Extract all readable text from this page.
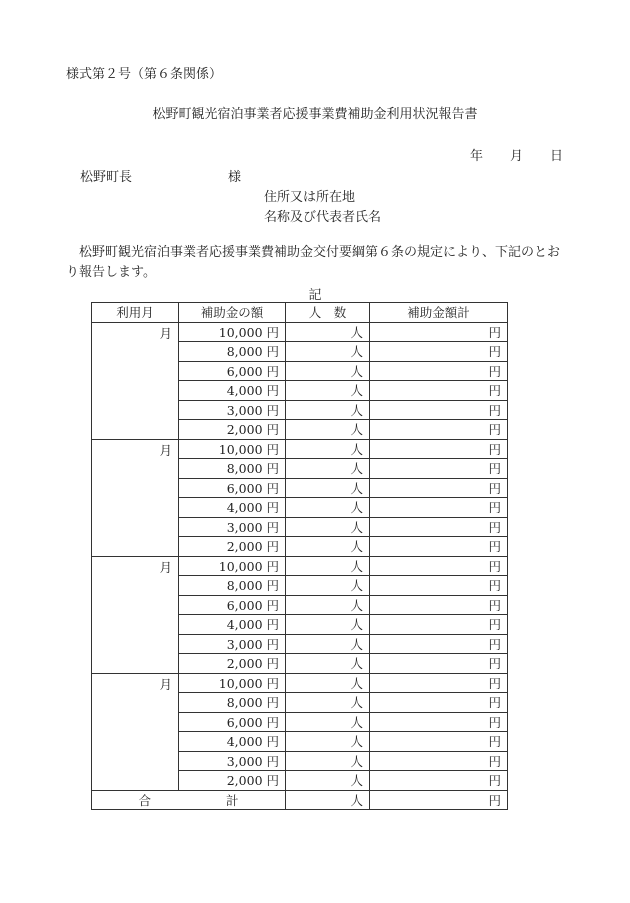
様式第２号（第６条関係）
松野町観光宿泊事業者応援事業費補助金利用状況報告書
年 月 日
松野町長	様
住所又は所在地
名称及び代表者氏名
松野町観光宿泊事業者応援事業費補助金交付要綱第６条の規定により、下記のとおり報告します。
記
利用月	補助金の額	人　数	補助金額計
月	10,000 円	人	円
	8,000 円	人	円
	6,000 円	人	円
	4,000 円	人	円
	3,000 円	人	円
	2,000 円	人	円
月	10,000 円	人	円
	8,000 円	人	円
	6,000 円	人	円
	4,000 円	人	円
	3,000 円	人	円
	2,000 円	人	円
月	10,000 円	人	円
	8,000 円	人	円
	6,000 円	人	円
	4,000 円	人	円
	3,000 円	人	円
	2,000 円	人	円
月	10,000 円	人	円
	8,000 円	人	円
	6,000 円	人	円
	4,000 円	人	円
	3,000 円	人	円
	2,000 円	人	円
合　　　　　　計		人	円
